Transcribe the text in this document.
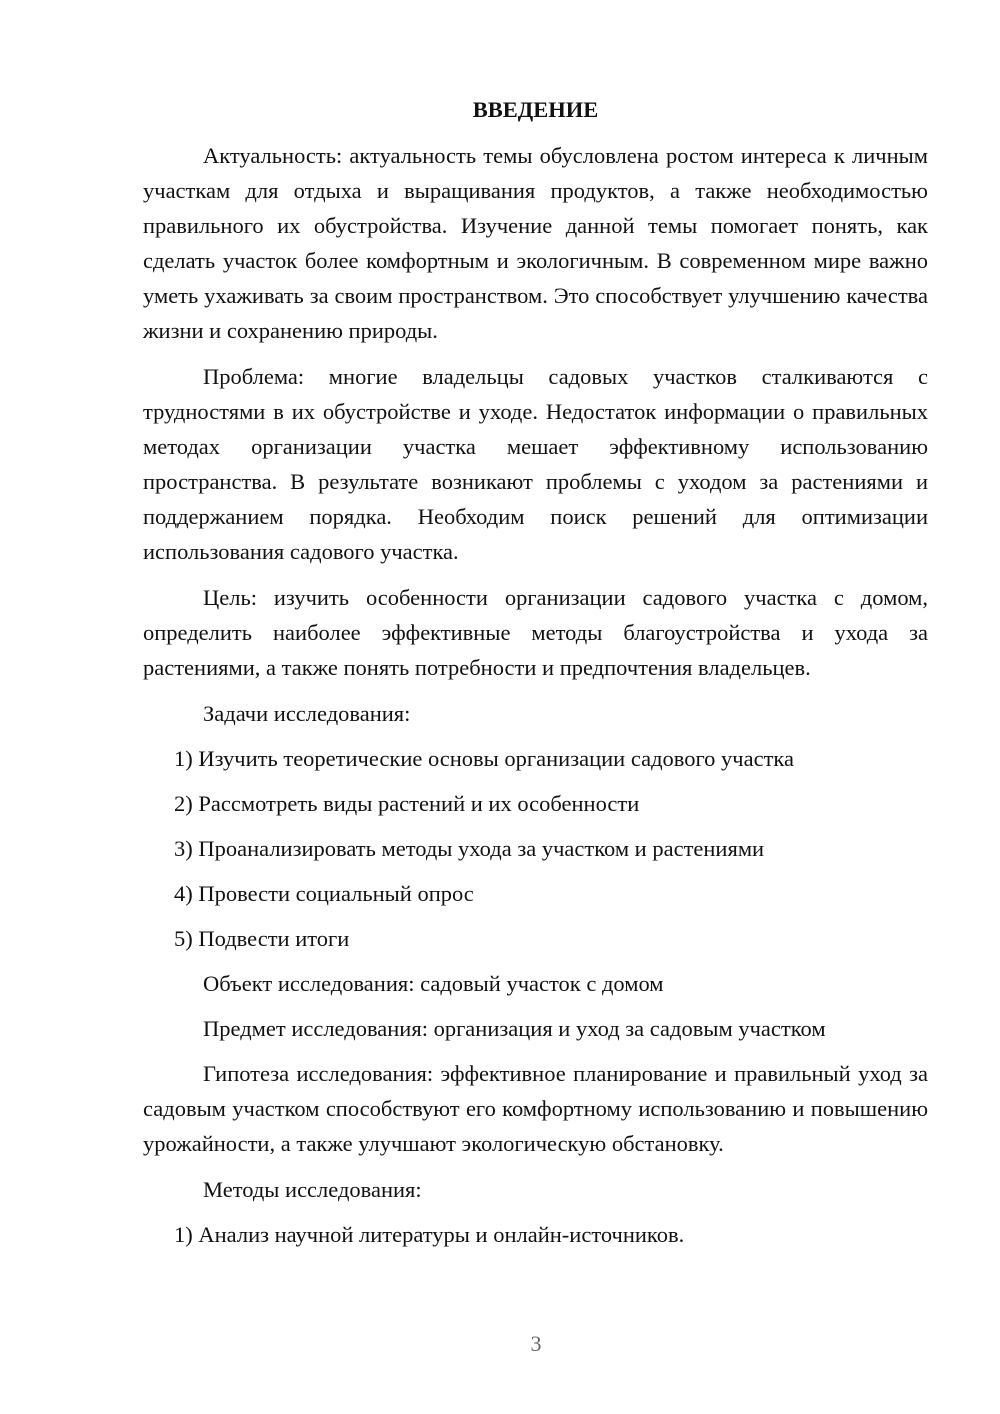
ВВЕДЕНИЕ

Актуальность: актуальность темы обусловлена ростом интереса к личным участкам для отдыха и выращивания продуктов, а также необходимостью правильного их обустройства. Изучение данной темы помогает понять, как сделать участок более комфортным и экологичным. В современном мире важно уметь ухаживать за своим пространством. Это способствует улучшению качества жизни и сохранению природы.

Проблема: многие владельцы садовых участков сталкиваются с трудностями в их обустройстве и уходе. Недостаток информации о правильных методах организации участка мешает эффективному использованию пространства. В результате возникают проблемы с уходом за растениями и поддержанием порядка. Необходим поиск решений для оптимизации использования садового участка.

Цель: изучить особенности организации садового участка с домом, определить наиболее эффективные методы благоустройства и ухода за растениями, а также понять потребности и предпочтения владельцев.

Задачи исследования:
1) Изучить теоретические основы организации садового участка
2) Рассмотреть виды растений и их особенности
3) Проанализировать методы ухода за участком и растениями
4) Провести социальный опрос
5) Подвести итоги
Объект исследования: садовый участок с домом
Предмет исследования: организация и уход за садовым участком

Гипотеза исследования: эффективное планирование и правильный уход за садовым участком способствуют его комфортному использованию и повышению урожайности, а также улучшают экологическую обстановку.

Методы исследования:
1) Анализ научной литературы и онлайн-источников.
3
